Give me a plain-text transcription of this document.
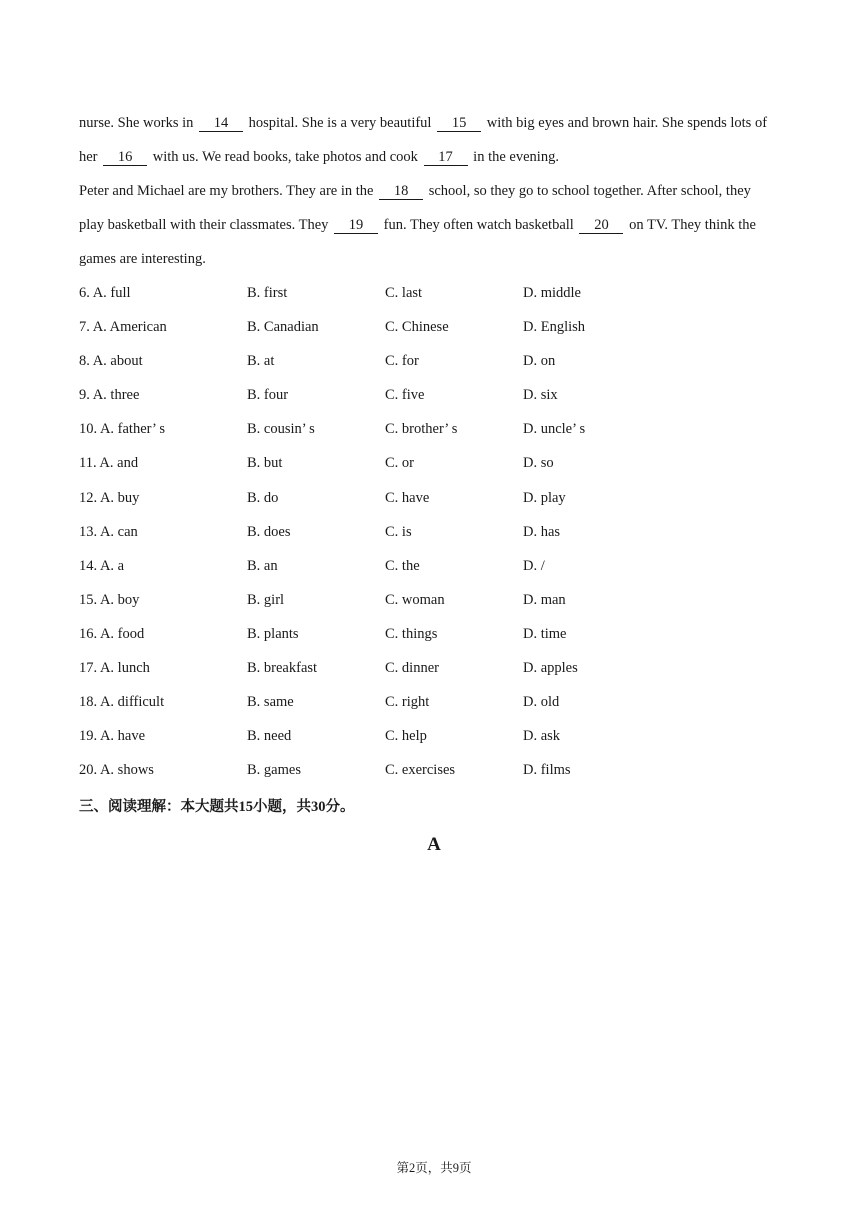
nurse. She works in 14 hospital. She is a very beautiful 15 with big eyes and brown hair. She spends lots of
her 16 with us. We read books, take photos and cook 17 in the evening.
Peter and Michael are my brothers. They are in the 18 school, so they go to school together. After school, they
play basketball with their classmates. They 19 fun. They often watch basketball 20 on TV. They think the
games are interesting.
6. A. full	B. first	C. last	D. middle
7. A. American	B. Canadian	C. Chinese	D. English
8. A. about	B. at	C. for	D. on
9. A. three	B. four	C. five	D. six
10. A. father’ s	B. cousin’ s	C. brother’ s	D. uncle’ s
11. A. and	B. but	C. or	D. so
12. A. buy	B. do	C. have	D. play
13. A. can	B. does	C. is	D. has
14. A. a	B. an	C. the	D. /
15. A. boy	B. girl	C. woman	D. man
16. A. food	B. plants	C. things	D. time
17. A. lunch	B. breakfast	C. dinner	D. apples
18. A. difficult	B. same	C. right	D. old
19. A. have	B. need	C. help	D. ask
20. A. shows	B. games	C. exercises	D. films
三、阅读理解：本大题共15小题，共30分。
A
第2页，共9页
